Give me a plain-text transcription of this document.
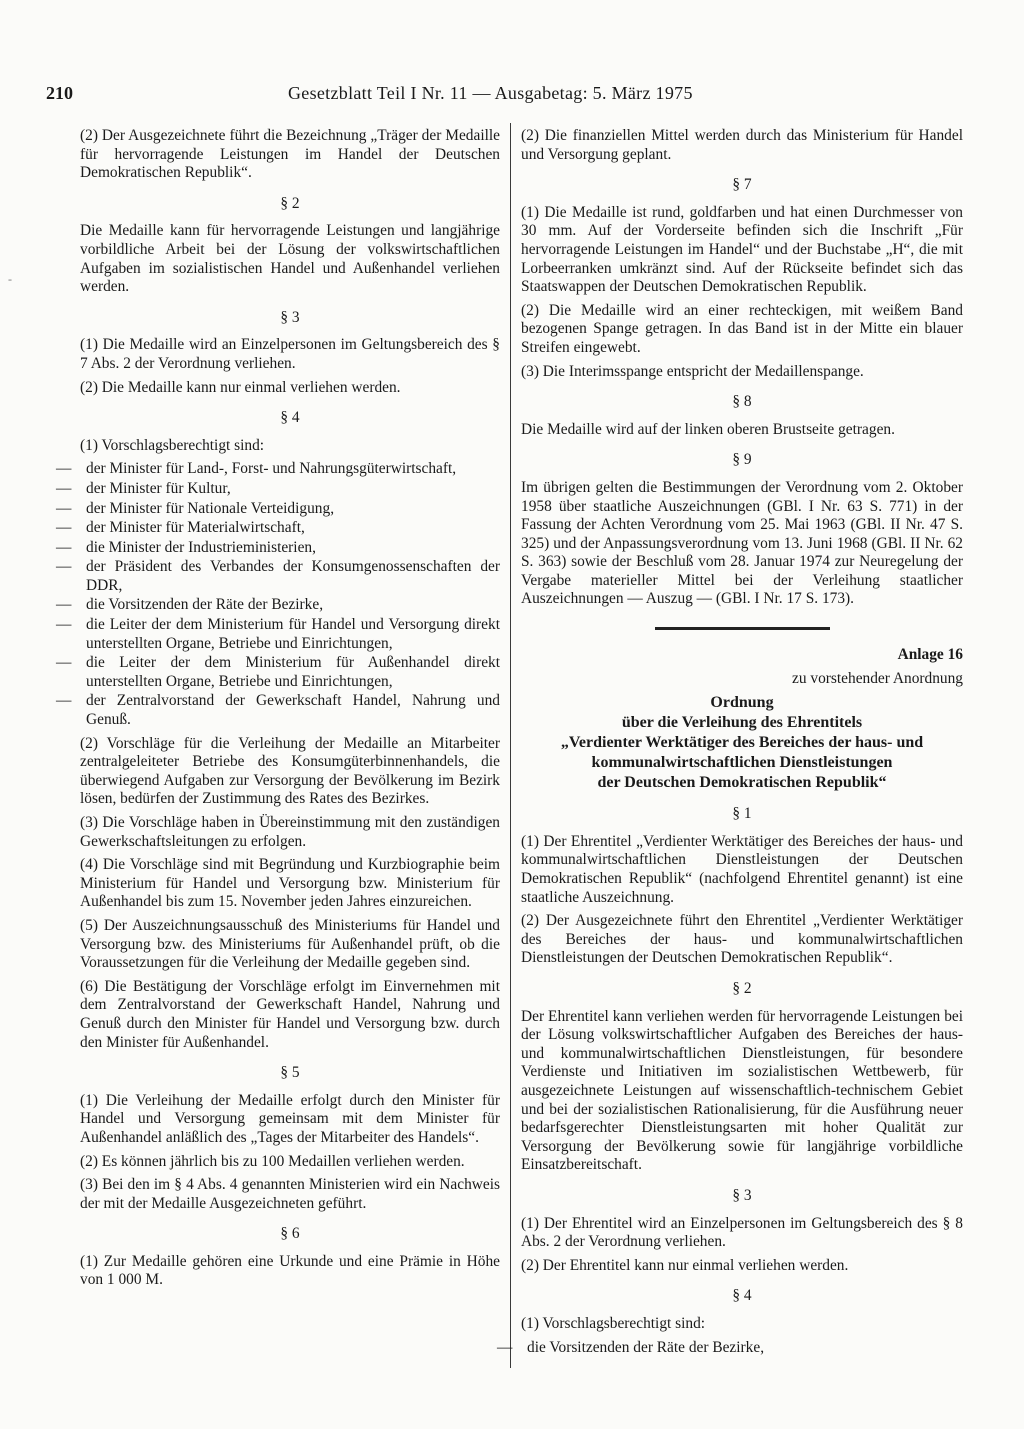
210	Gesetzblatt Teil I Nr. 11 — Ausgabetag: 5. März 1975
-

(2) Der Ausgezeichnete führt die Bezeichnung „Träger der Medaille für hervorragende Leistungen im Handel der Deutschen Demokratischen Republik“.

§ 2

Die Medaille kann für hervorragende Leistungen und langjährige vorbildliche Arbeit bei der Lösung der volkswirtschaftlichen Aufgaben im sozialistischen Handel und Außenhandel verliehen werden.

§ 3

(1) Die Medaille wird an Einzelpersonen im Geltungsbereich des § 7 Abs. 2 der Verordnung verliehen.

(2) Die Medaille kann nur einmal verliehen werden.

§ 4

(1) Vorschlagsberechtigt sind:

— der Minister für Land-, Forst- und Nahrungsgüterwirtschaft,
— der Minister für Kultur,
— der Minister für Nationale Verteidigung,
— der Minister für Materialwirtschaft,
— die Minister der Industrieministerien,
— der Präsident des Verbandes der Konsumgenossenschaften der DDR,
— die Vorsitzenden der Räte der Bezirke,
— die Leiter der dem Ministerium für Handel und Versorgung direkt unterstellten Organe, Betriebe und Einrichtungen,
— die Leiter der dem Ministerium für Außenhandel direkt unterstellten Organe, Betriebe und Einrichtungen,
— der Zentralvorstand der Gewerkschaft Handel, Nahrung und Genuß.

(2) Vorschläge für die Verleihung der Medaille an Mitarbeiter zentralgeleiteter Betriebe des Konsumgüterbinnenhandels, die überwiegend Aufgaben zur Versorgung der Bevölkerung im Bezirk lösen, bedürfen der Zustimmung des Rates des Bezirkes.

(3) Die Vorschläge haben in Übereinstimmung mit den zuständigen Gewerkschaftsleitungen zu erfolgen.

(4) Die Vorschläge sind mit Begründung und Kurzbiographie beim Ministerium für Handel und Versorgung bzw. Ministerium für Außenhandel bis zum 15. November jeden Jahres einzureichen.

(5) Der Auszeichnungsausschuß des Ministeriums für Handel und Versorgung bzw. des Ministeriums für Außenhandel prüft, ob die Voraussetzungen für die Verleihung der Medaille gegeben sind.

(6) Die Bestätigung der Vorschläge erfolgt im Einvernehmen mit dem Zentralvorstand der Gewerkschaft Handel, Nahrung und Genuß durch den Minister für Handel und Versorgung bzw. durch den Minister für Außenhandel.

§ 5

(1) Die Verleihung der Medaille erfolgt durch den Minister für Handel und Versorgung gemeinsam mit dem Minister für Außenhandel anläßlich des „Tages der Mitarbeiter des Handels“.

(2) Es können jährlich bis zu 100 Medaillen verliehen werden.

(3) Bei den im § 4 Abs. 4 genannten Ministerien wird ein Nachweis der mit der Medaille Ausgezeichneten geführt.

§ 6

(1) Zur Medaille gehören eine Urkunde und eine Prämie in Höhe von 1 000 M.

(2) Die finanziellen Mittel werden durch das Ministerium für Handel und Versorgung geplant.

§ 7

(1) Die Medaille ist rund, goldfarben und hat einen Durchmesser von 30 mm. Auf der Vorderseite befinden sich die Inschrift „Für hervorragende Leistungen im Handel“ und der Buchstabe „H“, die mit Lorbeerranken umkränzt sind. Auf der Rückseite befindet sich das Staatswappen der Deutschen Demokratischen Republik.

(2) Die Medaille wird an einer rechteckigen, mit weißem Band bezogenen Spange getragen. In das Band ist in der Mitte ein blauer Streifen eingewebt.

(3) Die Interimsspange entspricht der Medaillenspange.

§ 8

Die Medaille wird auf der linken oberen Brustseite getragen.

§ 9

Im übrigen gelten die Bestimmungen der Verordnung vom 2. Oktober 1958 über staatliche Auszeichnungen (GBl. I Nr. 63 S. 771) in der Fassung der Achten Verordnung vom 25. Mai 1963 (GBl. II Nr. 47 S. 325) und der Anpassungsverordnung vom 13. Juni 1968 (GBl. II Nr. 62 S. 363) sowie der Beschluß vom 28. Januar 1974 zur Neuregelung der Vergabe materieller Mittel bei der Verleihung staatlicher Auszeichnungen — Auszug — (GBl. I Nr. 17 S. 173).

Anlage 16

zu vorstehender Anordnung

Ordnung
über die Verleihung des Ehrentitels
„Verdienter Werktätiger des Bereiches der haus- und
kommunalwirtschaftlichen Dienstleistungen
der Deutschen Demokratischen Republik“
§ 1

(1) Der Ehrentitel „Verdienter Werktätiger des Bereiches der haus- und kommunalwirtschaftlichen Dienstleistungen der Deutschen Demokratischen Republik“ (nachfolgend Ehrentitel genannt) ist eine staatliche Auszeichnung.

(2) Der Ausgezeichnete führt den Ehrentitel „Verdienter Werktätiger des Bereiches der haus- und kommunalwirtschaftlichen Dienstleistungen der Deutschen Demokratischen Republik“.

§ 2

Der Ehrentitel kann verliehen werden für hervorragende Leistungen bei der Lösung volkswirtschaftlicher Aufgaben des Bereiches der haus- und kommunalwirtschaftlichen Dienstleistungen, für besondere Verdienste und Initiativen im sozialistischen Wettbewerb, für ausgezeichnete Leistungen auf wissenschaftlich-technischem Gebiet und bei der sozialistischen Rationalisierung, für die Ausführung neuer bedarfsgerechter Dienstleistungsarten mit hoher Qualität zur Versorgung der Bevölkerung sowie für langjährige vorbildliche Einsatzbereitschaft.

§ 3

(1) Der Ehrentitel wird an Einzelpersonen im Geltungsbereich des § 8 Abs. 2 der Verordnung verliehen.

(2) Der Ehrentitel kann nur einmal verliehen werden.

§ 4

(1) Vorschlagsberechtigt sind:

— die Vorsitzenden der Räte der Bezirke,
